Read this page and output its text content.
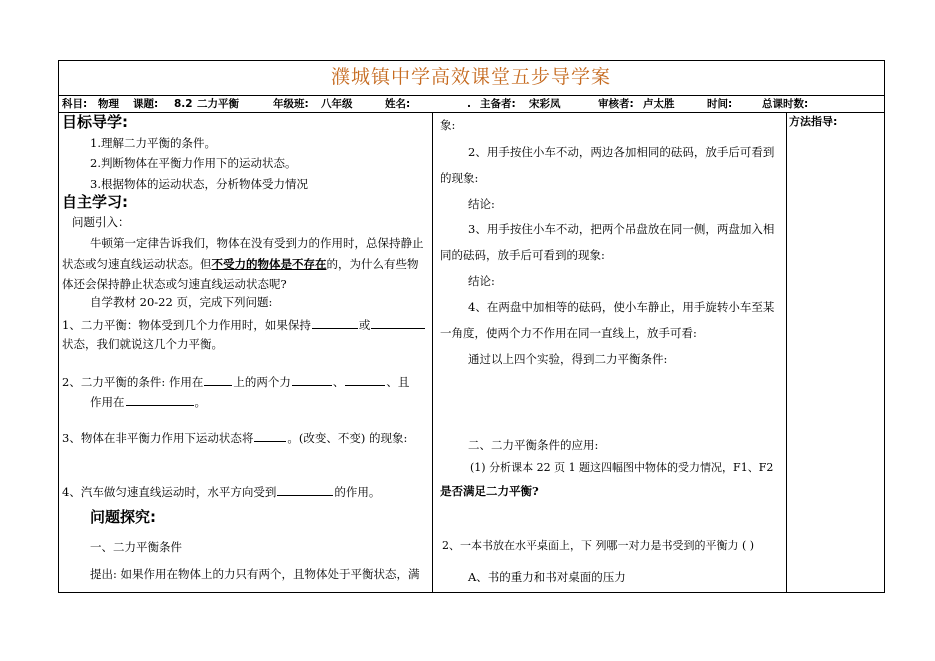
濮城镇中学高效课堂五步导学案
科目: 物理 课题: 8.2 二力平衡	年级班: 八年级	姓名:	. 主备者: 宋彩凤	审核者: 卢太胜	时间:	总课时数:
目标导学:
1.理解二力平衡的条件。
2.判断物体在平衡力作用下的运动状态。
3.根据物体的运动状态，分析物体受力情况
自主学习:
问题引入：
牛顿第一定律告诉我们，物体在没有受到力的作用时，总保持静止
状态或匀速直线运动状态。但不受力的物体是不存在的，为什么有些物
体还会保持静止状态或匀速直线运动状态呢?
自学教材 20-22 页，完成下列问题:
1、二力平衡：物体受到几个力作用时，如果保持	或
状态，我们就说这几个力平衡。
2、二力平衡的条件: 作用在	上的两个力	、	、且
作用在	。
3、物体在非平衡力作用下运动状态将	。(改变、不变) 的现象:
4、汽车做匀速直线运动时，水平方向受到	的作用。
问题探究:
一、二力平衡条件
提出: 如果作用在物体上的力只有两个，且物体处于平衡状态，满
象:
2、用手按住小车不动，两边各加相同的砝码，放手后可看到
的现象:
结论:
3、用手按住小车不动，把两个吊盘放在同一侧，两盘加入相
同的砝码，放手后可看到的现象:
结论:
4、在两盘中加相等的砝码，使小车静止，用手旋转小车至某
一角度，使两个力不作用在同一直线上，放手可看:
通过以上四个实验，得到二力平衡条件:
二、二力平衡条件的应用:
(1) 分析课本 22 页 1 题这四幅图中物体的受力情况，F1、F2
是否满足二力平衡?
2、一本书放在水平桌面上，下 列哪一对力是书受到的平衡力 ( )
A、书的重力和书对桌面的压力
方法指导:
